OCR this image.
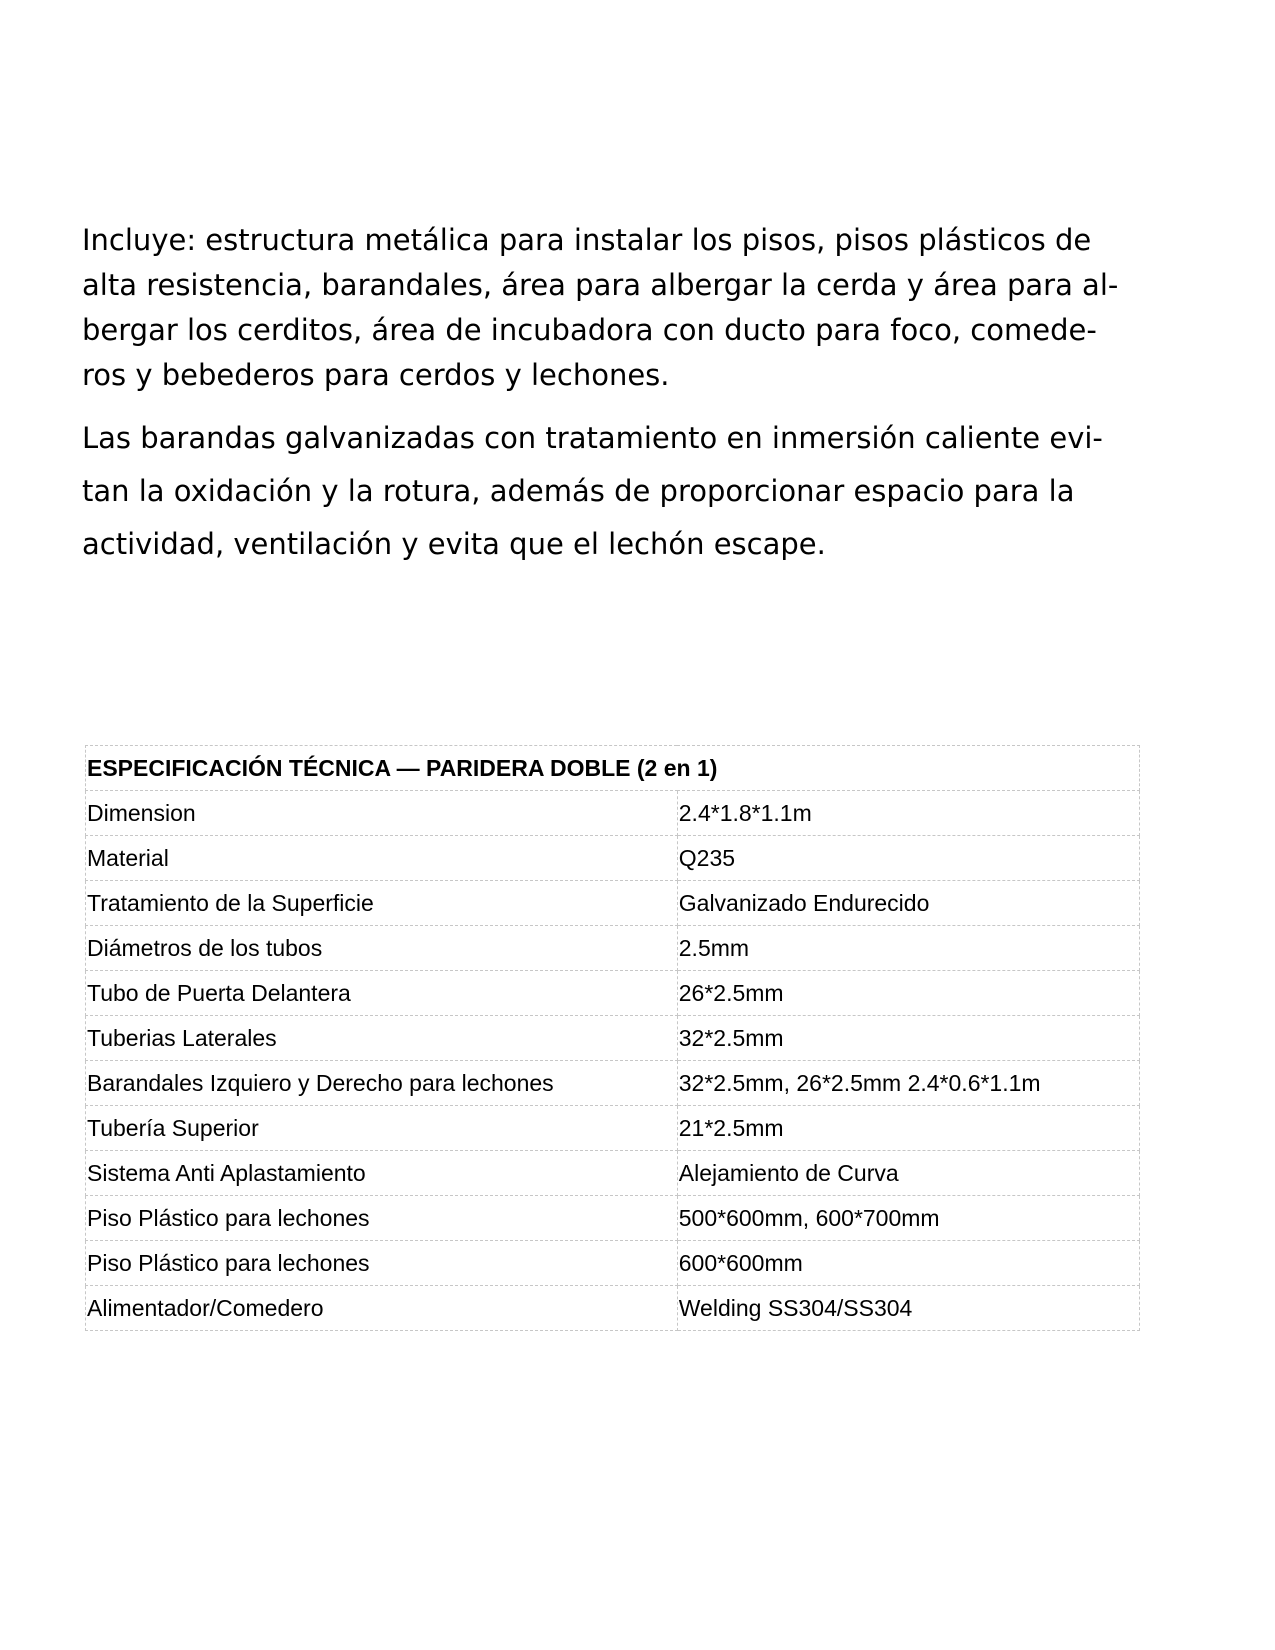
Incluye: estructura metálica para instalar los pisos, pisos plásticos de
alta resistencia, barandales, área para albergar la cerda y área para al-
bergar los cerditos, área de incubadora con ducto para foco, comede-
ros y bebederos para cerdos y lechones.

Las barandas galvanizadas con tratamiento en inmersión caliente evi-
tan la oxidación y la rotura, además de proporcionar espacio para la
actividad, ventilación y evita que el lechón escape.

ESPECIFICACIÓN TÉCNICA — PARIDERA DOBLE (2 en 1)	
Dimension	2.4*1.8*1.1m
Material	Q235
Tratamiento de la Superficie	Galvanizado Endurecido
Diámetros de los tubos	2.5mm
Tubo de Puerta Delantera	26*2.5mm
Tuberias Laterales	32*2.5mm
Barandales Izquiero y Derecho para lechones	32*2.5mm, 26*2.5mm 2.4*0.6*1.1m
Tubería Superior	21*2.5mm
Sistema Anti Aplastamiento	Alejamiento de Curva
Piso Plástico para lechones	500*600mm, 600*700mm
Piso Plástico para lechones	600*600mm
Alimentador/Comedero	Welding SS304/SS304
